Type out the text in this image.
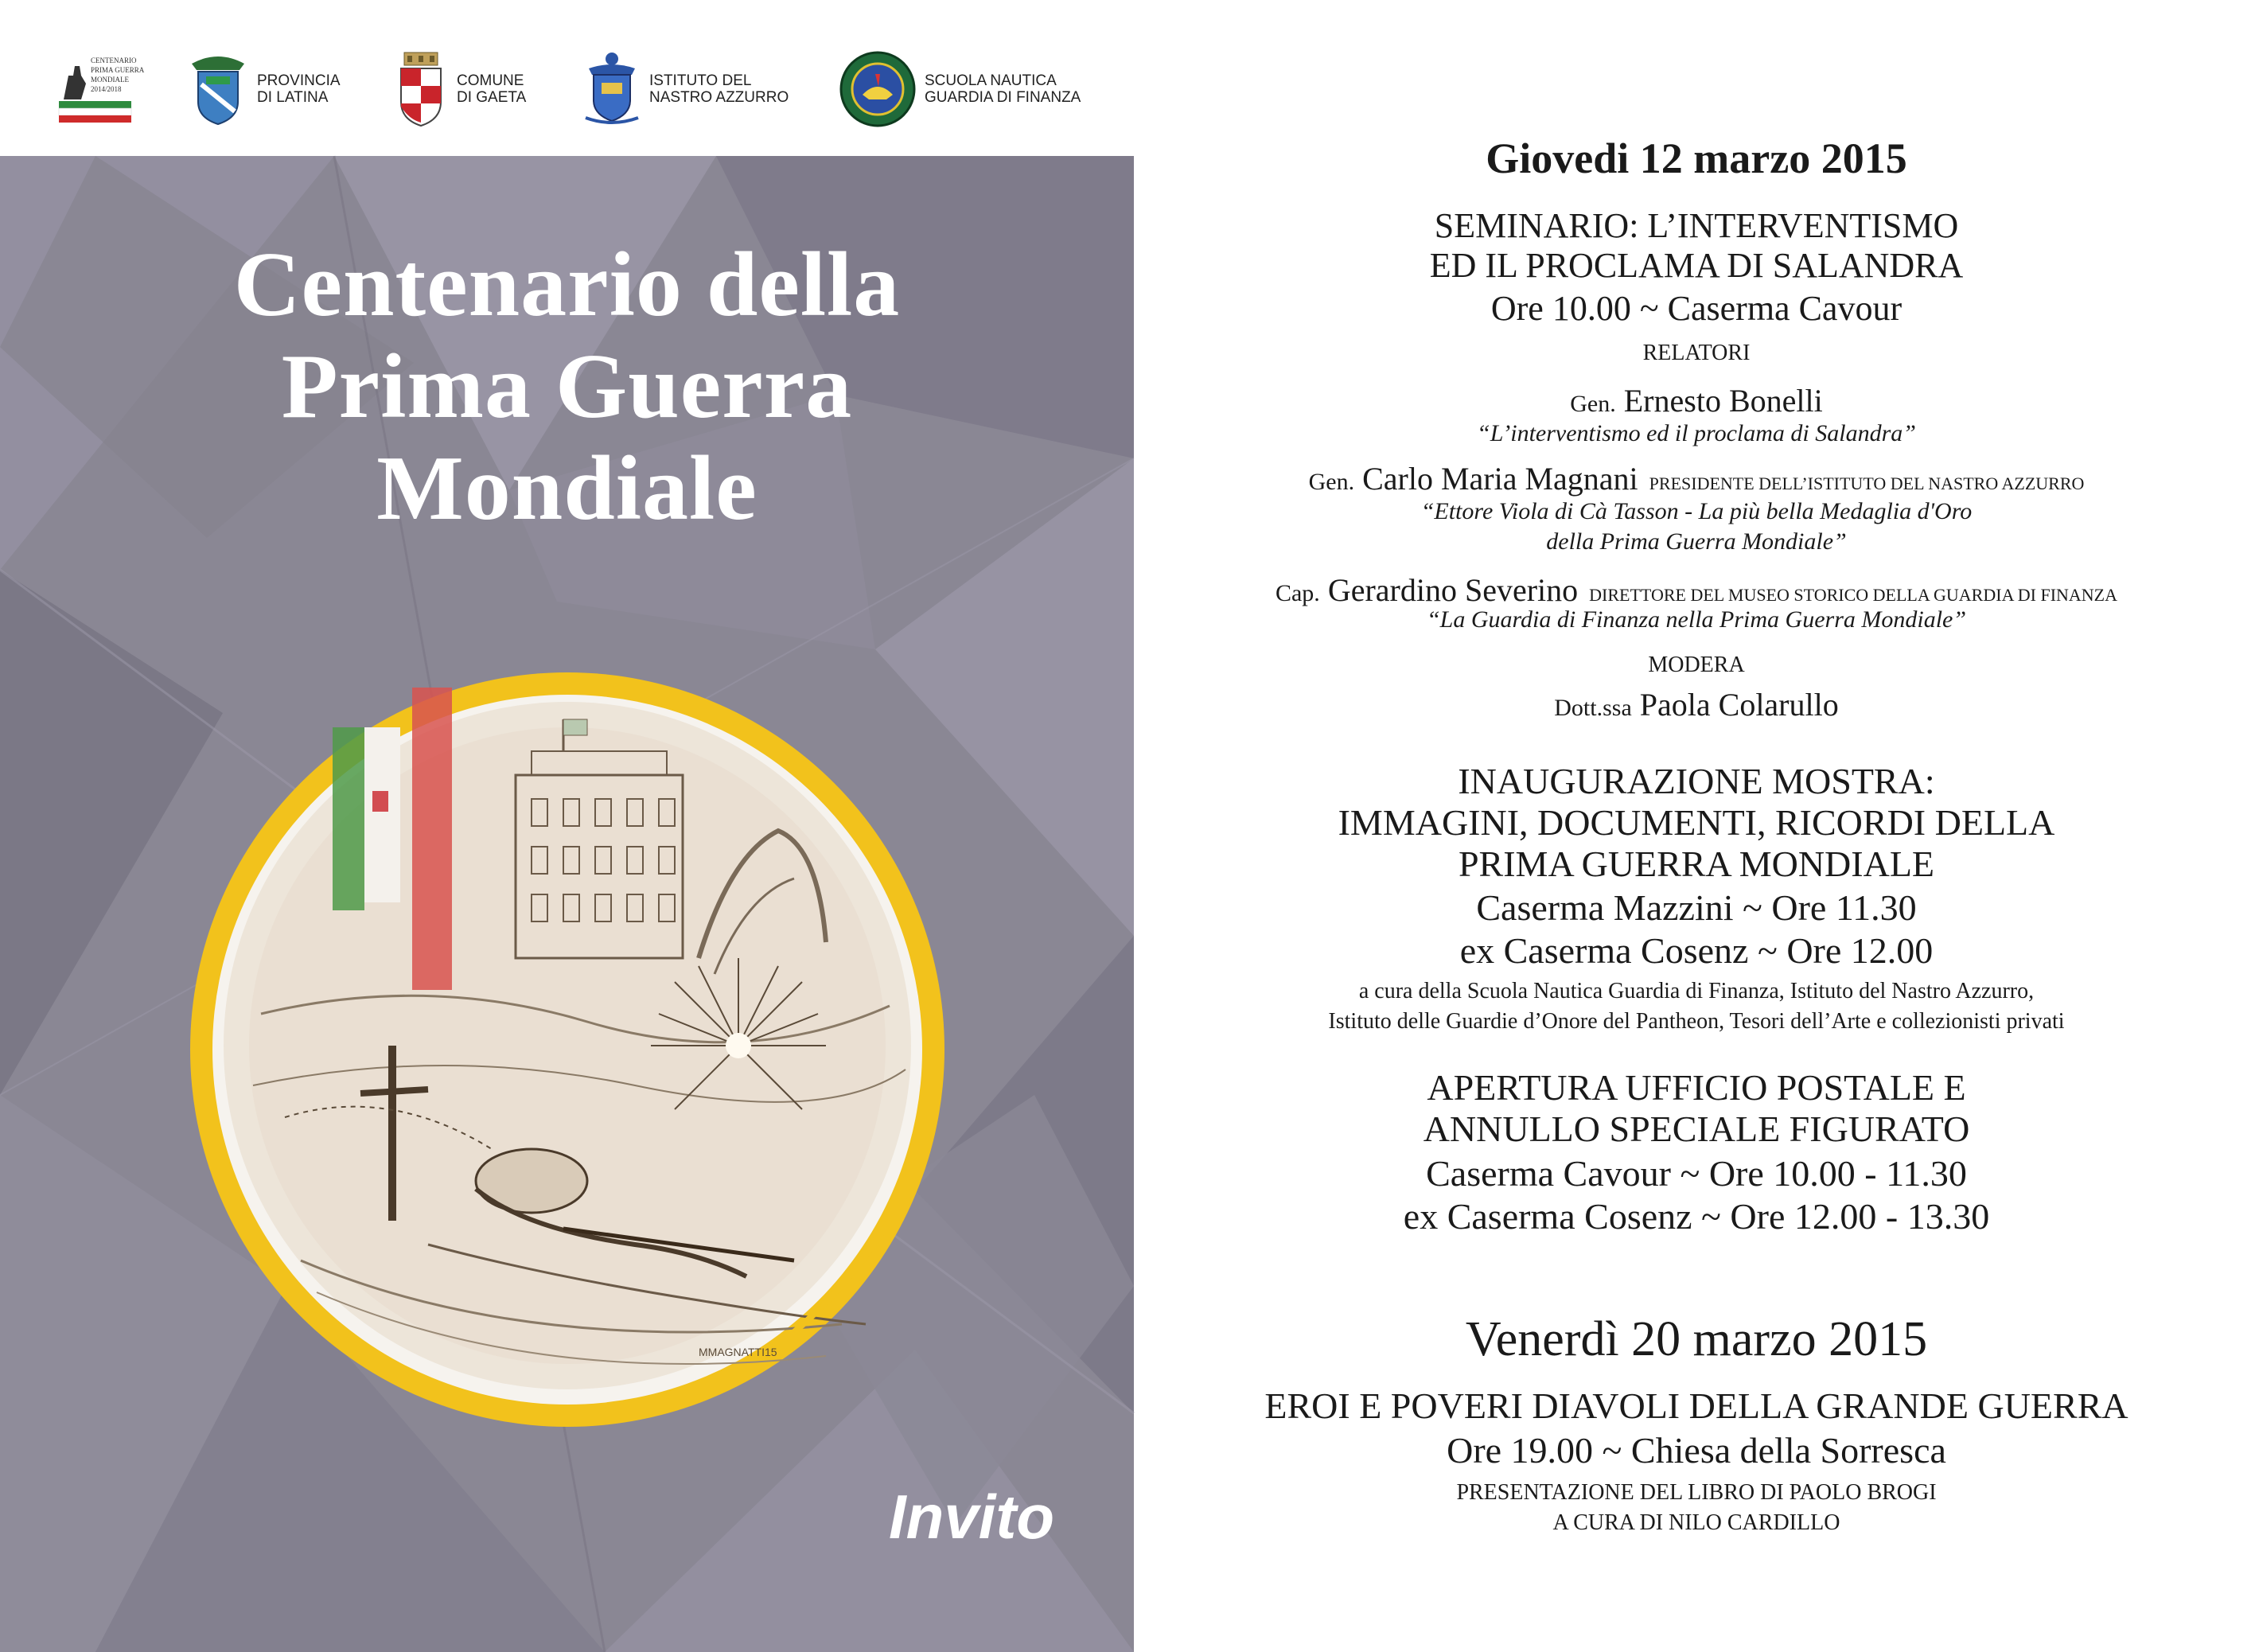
CENTENARIO
PRIMA GUERRA
MONDIALE
2014/2018	PROVINCIA
DI LATINA
COMUNE
DI GAETA
ISTITUTO DEL
NASTRO AZZURRO
SCUOLA NAUTICA
GUARDIA DI FINANZA
Centenario della
Prima Guerra
Mondiale
MMAGNATTI15
Invito
Giovedi 12 marzo 2015
SEMINARIO: L’INTERVENTISMO
ED IL PROCLAMA DI SALANDRA
Ore 10.00 ~ Caserma Cavour
RELATORI
Gen. Ernesto Bonelli
“L’interventismo ed il proclama di Salandra”
Gen. Carlo Maria Magnani PRESIDENTE DELL’ISTITUTO DEL NASTRO AZZURRO
“Ettore Viola di Cà Tasson - La più bella Medaglia d'Oro
della Prima Guerra Mondiale”
Cap. Gerardino Severino DIRETTORE DEL MUSEO STORICO DELLA GUARDIA DI FINANZA
“La Guardia di Finanza nella Prima Guerra Mondiale”
MODERA
Dott.ssa Paola Colarullo
INAUGURAZIONE MOSTRA:
IMMAGINI, DOCUMENTI, RICORDI DELLA
PRIMA GUERRA MONDIALE
Caserma Mazzini ~ Ore 11.30
ex Caserma Cosenz ~ Ore 12.00
a cura della Scuola Nautica Guardia di Finanza, Istituto del Nastro Azzurro,
Istituto delle Guardie d’Onore del Pantheon, Tesori dell’Arte e collezionisti privati
APERTURA UFFICIO POSTALE E
ANNULLO SPECIALE FIGURATO
Caserma Cavour ~ Ore 10.00 - 11.30
ex Caserma Cosenz ~ Ore 12.00 - 13.30
Venerdì 20 marzo 2015
EROI E POVERI DIAVOLI DELLA GRANDE GUERRA
Ore 19.00 ~ Chiesa della Sorresca
PRESENTAZIONE DEL LIBRO DI PAOLO BROGI
A CURA DI NILO CARDILLO
